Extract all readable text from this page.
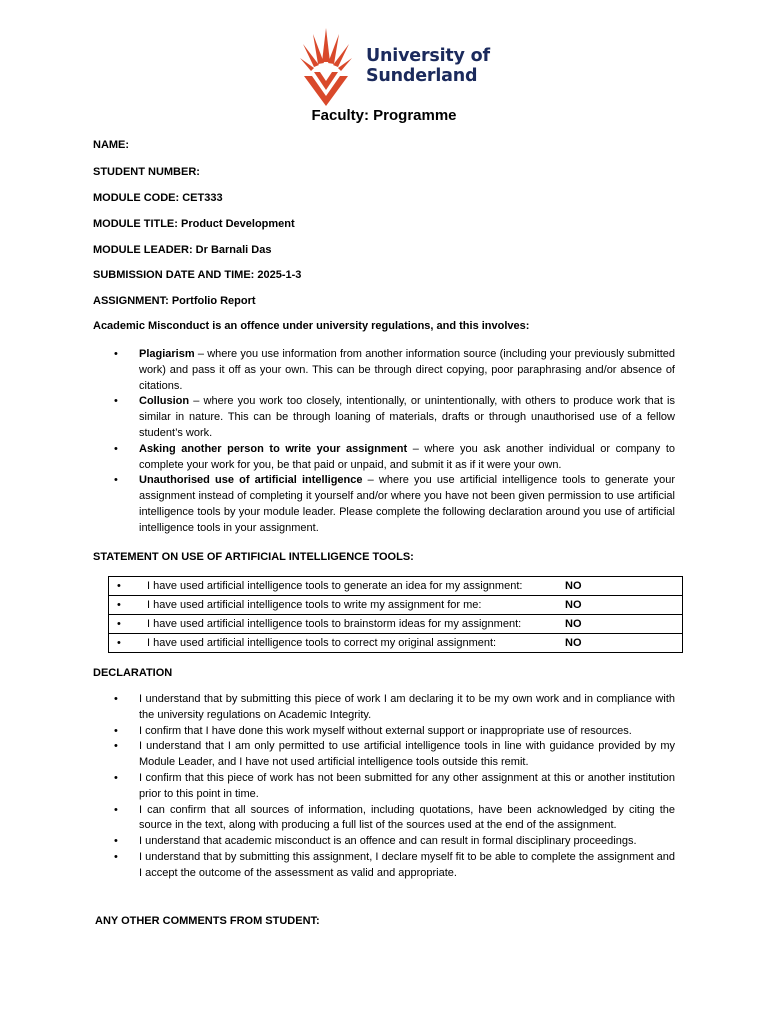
University of
Sunderland
Faculty: Programme
NAME:
STUDENT NUMBER:
MODULE CODE: CET333
MODULE TITLE: Product Development
MODULE LEADER: Dr Barnali Das
SUBMISSION DATE AND TIME: 2025-1-3
ASSIGNMENT: Portfolio Report
Academic Misconduct is an offence under university regulations, and this involves:
• Plagiarism – where you use information from another information source (including your previously submitted work) and pass it off as your own. This can be through direct copying, poor paraphrasing and/or absence of citations.
• Collusion – where you work too closely, intentionally, or unintentionally, with others to produce work that is similar in nature. This can be through loaning of materials, drafts or through unauthorised use of a fellow student’s work.
• Asking another person to write your assignment – where you ask another individual or company to complete your work for you, be that paid or unpaid, and submit it as if it were your own.
• Unauthorised use of artificial intelligence – where you use artificial intelligence tools to generate your assignment instead of completing it yourself and/or where you have not been given permission to use artificial intelligence tools by your module leader. Please complete the following declaration around you use of artificial intelligence tools in your assignment.
STATEMENT ON USE OF ARTIFICIAL INTELLIGENCE TOOLS:
•	I have used artificial intelligence tools to generate an idea for my assignment:	NO
•	I have used artificial intelligence tools to write my assignment for me:	NO
•	I have used artificial intelligence tools to brainstorm ideas for my assignment:	NO
•	I have used artificial intelligence tools to correct my original assignment:	NO
DECLARATION
• I understand that by submitting this piece of work I am declaring it to be my own work and in compliance with the university regulations on Academic Integrity.
• I confirm that I have done this work myself without external support or inappropriate use of resources.
• I understand that I am only permitted to use artificial intelligence tools in line with guidance provided by my Module Leader, and I have not used artificial intelligence tools outside this remit.
• I confirm that this piece of work has not been submitted for any other assignment at this or another institution prior to this point in time.
• I can confirm that all sources of information, including quotations, have been acknowledged by citing the source in the text, along with producing a full list of the sources used at the end of the assignment.
• I understand that academic misconduct is an offence and can result in formal disciplinary proceedings.
• I understand that by submitting this assignment, I declare myself fit to be able to complete the assignment and I accept the outcome of the assessment as valid and appropriate.
ANY OTHER COMMENTS FROM STUDENT:
